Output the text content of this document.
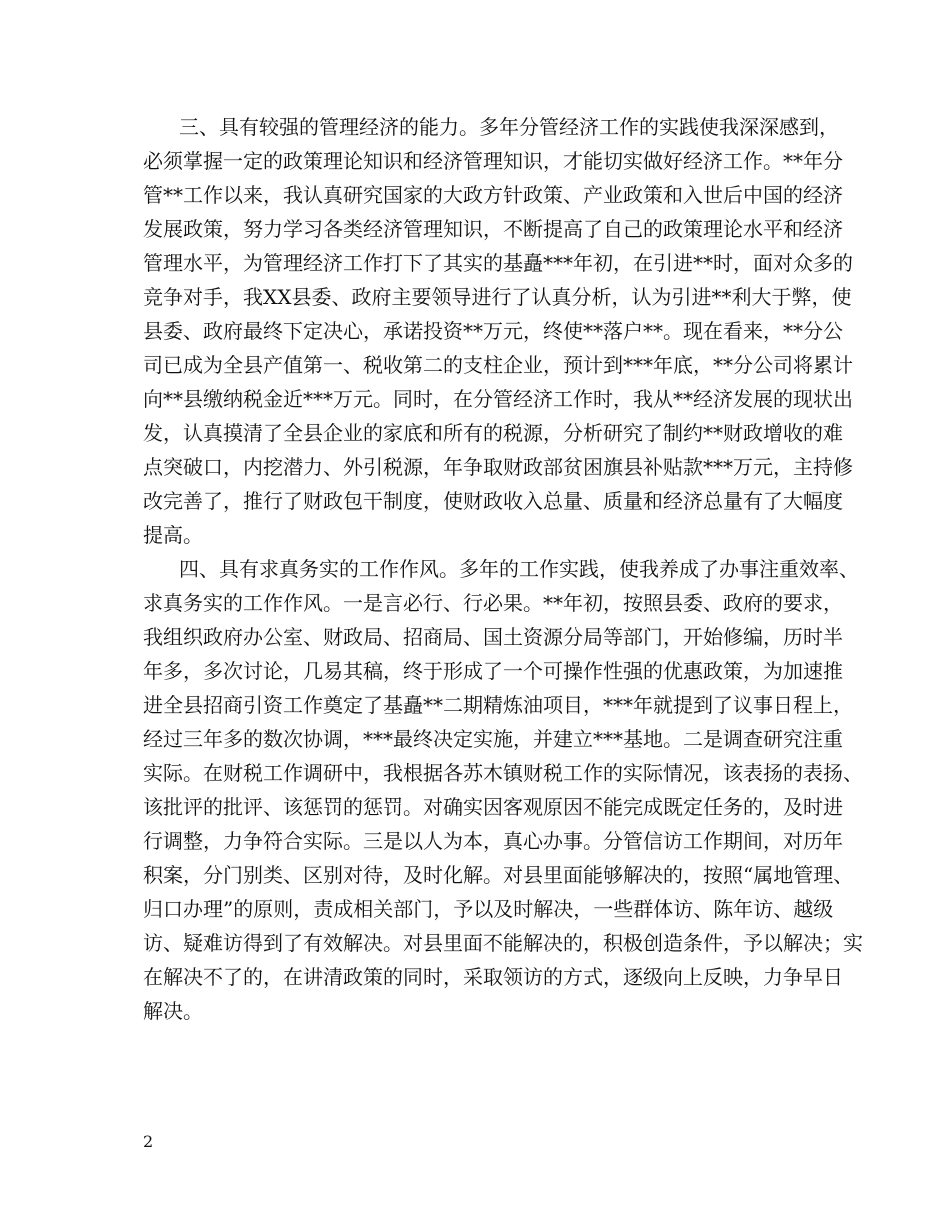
三、具有较强的管理经济的能力。多年分管经济工作的实践使我深深感到，
必须掌握一定的政策理论知识和经济管理知识，才能切实做好经济工作。**年分
管**工作以来，我认真研究国家的大政方针政策、产业政策和入世后中国的经济
发展政策，努力学习各类经济管理知识，不断提高了自己的政策理论水平和经济
管理水平，为管理经济工作打下了其实的基矗***年初，在引进**时，面对众多的
竞争对手，我XX县委、政府主要领导进行了认真分析，认为引进**利大于弊，使
县委、政府最终下定决心，承诺投资**万元，终使**落户**。现在看来，**分公
司已成为全县产值第一、税收第二的支柱企业，预计到***年底，**分公司将累计
向**县缴纳税金近***万元。同时，在分管经济工作时，我从**经济发展的现状出
发，认真摸清了全县企业的家底和所有的税源，分析研究了制约**财政增收的难
点突破口，内挖潜力、外引税源，年争取财政部贫困旗县补贴款***万元，主持修
改完善了，推行了财政包干制度，使财政收入总量、质量和经济总量有了大幅度
提高。
四、具有求真务实的工作作风。多年的工作实践，使我养成了办事注重效率、
求真务实的工作作风。一是言必行、行必果。**年初，按照县委、政府的要求，
我组织政府办公室、财政局、招商局、国土资源分局等部门，开始修编，历时半
年多，多次讨论，几易其稿，终于形成了一个可操作性强的优惠政策，为加速推
进全县招商引资工作奠定了基矗**二期精炼油项目，***年就提到了议事日程上，
经过三年多的数次协调，***最终决定实施，并建立***基地。二是调查研究注重
实际。在财税工作调研中，我根据各苏木镇财税工作的实际情况，该表扬的表扬、
该批评的批评、该惩罚的惩罚。对确实因客观原因不能完成既定任务的，及时进
行调整，力争符合实际。三是以人为本，真心办事。分管信访工作期间，对历年
积案，分门别类、区别对待，及时化解。对县里面能够解决的，按照“属地管理、
归口办理”的原则，责成相关部门，予以及时解决，一些群体访、陈年访、越级
访、疑难访得到了有效解决。对县里面不能解决的，积极创造条件，予以解决；实
在解决不了的，在讲清政策的同时，采取领访的方式，逐级向上反映，力争早日
解决。
2
